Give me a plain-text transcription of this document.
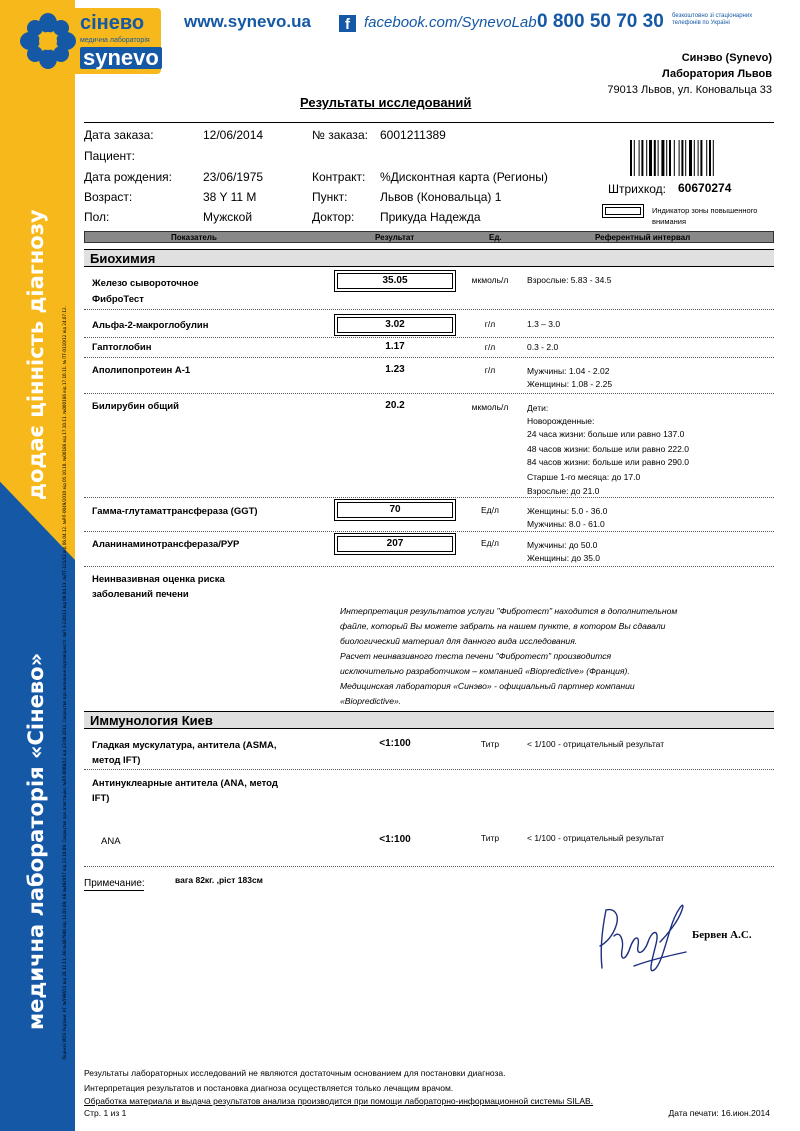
додає цінність діагнозу
медична лабораторія «Сінево»	Ліцензії МОЗ України: АГ №599651 від 26.12.11; АВ №487946 від 12.03.09; АВ №492957 від 23.10.09. Свідоцтво про атестацію: №РЛ-0008/12 від 23.08.2012. Свідоцтво про визнання відповідності: №П-1-220/13 від 09.04.13. №ПТ-121/12 від 06.04.12. №РЛ-0049/2010 від 05.10.10. №00186 від 17.10.11. №000186 від 17.10.11. № ПТ-0110/12 від 24.07.12.
сінево
медична лабораторія
synevo
www.synevo.ua	f facebook.com/SynevoLab 0 800 50 70 30 безкоштовно зі стаціонарних телефонів по Україні
Синэво (Synevo)
Лаборатория Львов
79013 Львов, ул. Коновальца 33
Результаты исследований
Дата заказа:	12/06/2014	№ заказа: 6001211389
Пациент:
Дата рождения:	23/06/1975	Контракт: %Дисконтная карта (Регионы)
Возраст:	38 Y 11 M	Пункт:	Львов (Коновальца) 1
Пол:	Мужской	Доктор: Прикуда Надежда
Штрихкод: 60670274
Индикатор зоны повышенного внимания
Показатель	Результат	Ед.	Референтный интервал
Биохимия
Железо сывороточное	35.05	мкмоль/л	Взрослые: 5.83 - 34.5
ФиброТест
Альфа-2-макроглобулин	3.02	г/л	1.3 – 3.0
Гаптоглобин	1.17	г/л	0.3 - 2.0
Аполипопротеин А-1	1.23	г/л	Мужчины: 1.04 - 2.02
Женщины: 1.08 - 2.25
Билирубин общий	20.2	мкмоль/л	Дети:
Новорожденные:
24 часа жизни: больше или равно 137.0
48 часов жизни: больше или равно 222.0
84 часов жизни: больше или равно 290.0
Старше 1-го месяца: до 17.0
Взрослые: до 21.0
Гамма-глутаматтрансфераза (GGT)	70	Ед/л	Женщины: 5.0 - 36.0
Мужчины: 8.0 - 61.0
Аланинаминотрансфераза/РУР	207	Ед/л	Мужчины: до 50.0
Женщины: до 35.0
Неинвазивная оценка риска
заболеваний печени
Интерпретация результатов услуги "Фибротест" находится в дополнительном
файле, который Вы можете забрать на нашем пункте, в котором Вы сдавали
биологический материал для данного вида исследования.
Расчет неинвазивного теста печени "Фибротест" производится
исключительно разработчиком – компанией «Biopredictive» (Франция).
Медицинская лаборатория «Синэво» - официальный партнер компании
«Biopredictive».
Иммунология Киев
Гладкая мускулатура, антитела (ASMA,
метод IFT)
<1:100	Титр	< 1/100 - отрицательный результат
Антинуклеарные антитела (ANA, метод
IFT)
ANA	<1:100	Титр	< 1/100 - отрицательный результат
Примечание:	вага 82кг. ,ріст 183см
Бервен А.С.
Результаты лабораторных исследований не являются достаточным основанием для постановки диагноза.
Интерпретация результатов и постановка диагноза осуществляется только лечащим врачом.
Обработка материала и выдача результатов анализа производится при помощи лабораторно-информационной системы SILAB.
Стр. 1 из 1	Дата печати: 16.июн.2014
